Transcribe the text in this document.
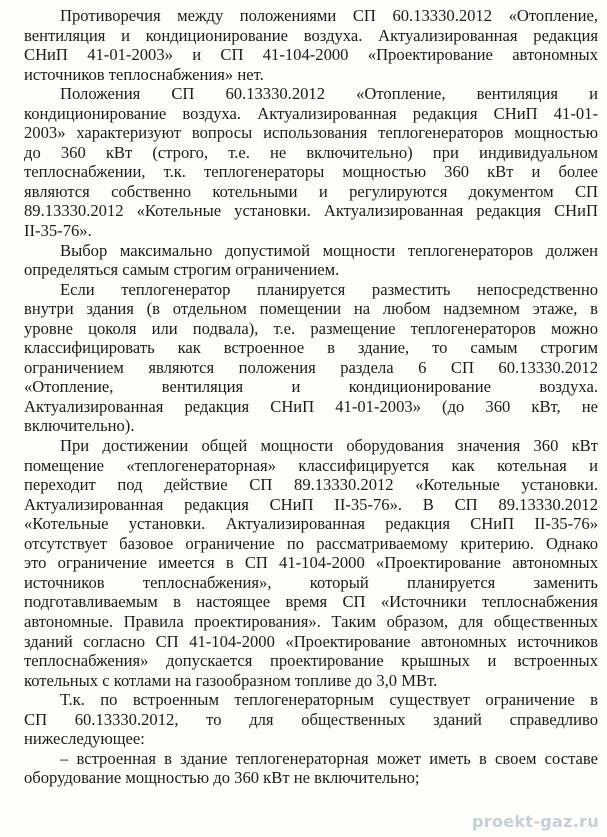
Противоречия между положениями СП 60.13330.2012 «Отопление,
вентиляция и кондиционирование воздуха. Актуализированная редакция
СНиП 41-01-2003» и СП 41-104-2000 «Проектирование автономных
источников теплоснабжения» нет.

Положения СП 60.13330.2012 «Отопление, вентиляция и
кондиционирование воздуха. Актуализированная редакция СНиП 41-01-
2003» характеризуют вопросы использования теплогенераторов мощностью
до 360 кВт (строго, т.е. не включительно) при индивидуальном
теплоснабжении, т.к. теплогенераторы мощностью 360 кВт и более
являются собственно котельными и регулируются документом СП
89.13330.2012 «Котельные установки. Актуализированная редакция СНиП
II-35-76».

Выбор максимально допустимой мощности теплогенераторов должен
определяться самым строгим ограничением.

Если теплогенератор планируется разместить непосредственно
внутри здания (в отдельном помещении на любом надземном этаже, в
уровне цоколя или подвала), т.е. размещение теплогенераторов можно
классифицировать как встроенное в здание, то самым строгим
ограничением являются положения раздела 6 СП 60.13330.2012
«Отопление, вентиляция и кондиционирование воздуха.
Актуализированная редакция СНиП 41-01-2003» (до 360 кВт, не
включительно).

При достижении общей мощности оборудования значения 360 кВт
помещение «теплогенераторная» классифицируется как котельная и
переходит под действие СП 89.13330.2012 «Котельные установки.
Актуализированная редакция СНиП II-35-76». В СП 89.13330.2012
«Котельные установки. Актуализированная редакция СНиП II-35-76»
отсутствует базовое ограничение по рассматриваемому критерию. Однако
это ограничение имеется в СП 41-104-2000 «Проектирование автономных
источников теплоснабжения», который планируется заменить
подготавливаемым в настоящее время СП «Источники теплоснабжения
автономные. Правила проектирования». Таким образом, для общественных
зданий согласно СП 41-104-2000 «Проектирование автономных источников
теплоснабжения» допускается проектирование крышных и встроенных
котельных с котлами на газообразном топливе до 3,0 МВт.

Т.к. по встроенным теплогенераторным существует ограничение в
СП 60.13330.2012, то для общественных зданий справедливо
нижеследующее:

– встроенная в здание теплогенераторная может иметь в своем составе
оборудование мощностью до 360 кВт не включительно;

proekt-gaz.ru
